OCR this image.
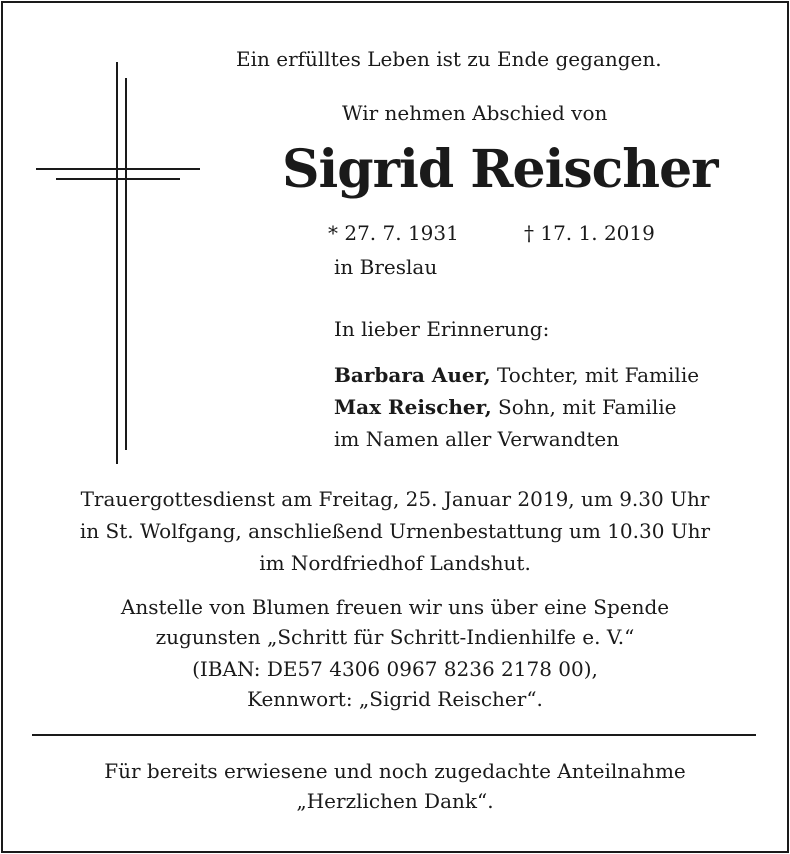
Ein erfülltes Leben ist zu Ende gegangen.
Wir nehmen Abschied von
Sigrid Reischer
* 27. 7. 1931	† 17. 1. 2019
in Breslau
In lieber Erinnerung:
Barbara Auer, Tochter, mit Familie
Max Reischer, Sohn, mit Familie
im Namen aller Verwandten
Trauergottesdienst am Freitag, 25. Januar 2019, um 9.30 Uhr
in St. Wolfgang, anschließend Urnenbestattung um 10.30 Uhr
im Nordfriedhof Landshut.
Anstelle von Blumen freuen wir uns über eine Spende
zugunsten „Schritt für Schritt-Indienhilfe e. V.“
(IBAN: DE57 4306 0967 8236 2178 00),
Kennwort: „Sigrid Reischer“.
Für bereits erwiesene und noch zugedachte Anteilnahme
„Herzlichen Dank“.
